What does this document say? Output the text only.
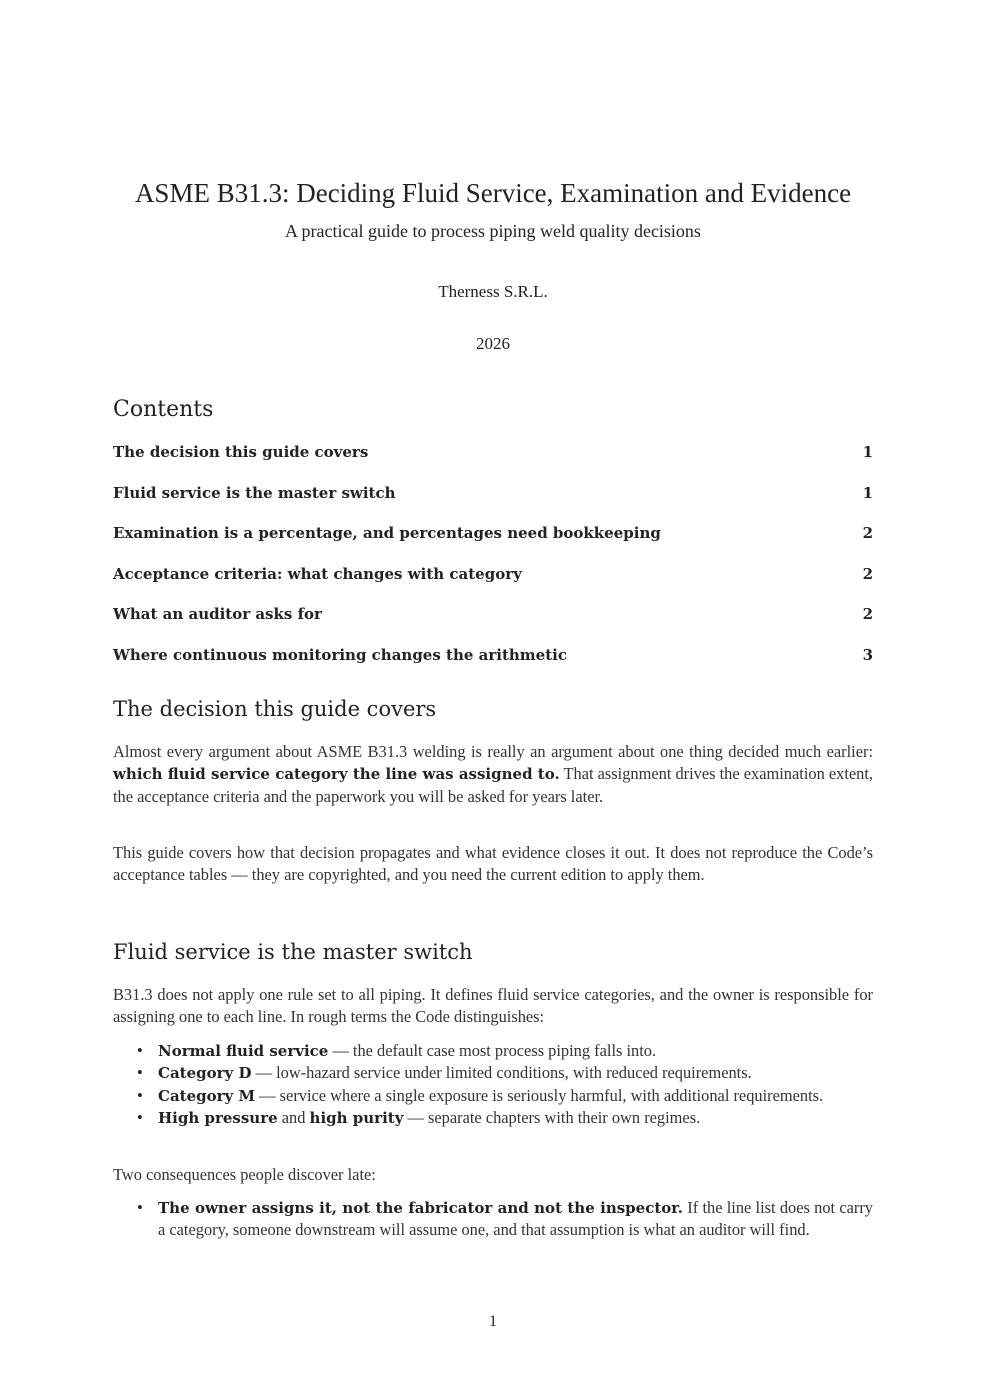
ASME B31.3: Deciding Fluid Service, Examination and Evidence
A practical guide to process piping weld quality decisions
Therness S.R.L.
2026
Contents
The decision this guide covers	1
Fluid service is the master switch	1
Examination is a percentage, and percentages need bookkeeping	2
Acceptance criteria: what changes with category	2
What an auditor asks for	2
Where continuous monitoring changes the arithmetic	3
The decision this guide covers

Almost every argument about ASME B31.3 welding is really an argument about one thing decided much earlier: which fluid service category the line was assigned to. That assignment drives the examination extent, the acceptance criteria and the paperwork you will be asked for years later.

This guide covers how that decision propagates and what evidence closes it out. It does not reproduce the Code’s acceptance tables — they are copyrighted, and you need the current edition to apply them.

Fluid service is the master switch

B31.3 does not apply one rule set to all piping. It defines fluid service categories, and the owner is responsible for assigning one to each line. In rough terms the Code distinguishes:

• Normal fluid service — the default case most process piping falls into.
• Category D — low-hazard service under limited conditions, with reduced requirements.
• Category M — service where a single exposure is seriously harmful, with additional requirements.
• High pressure and high purity — separate chapters with their own regimes.

Two consequences people discover late:

• The owner assigns it, not the fabricator and not the inspector. If the line list does not carry a category, someone downstream will assume one, and that assumption is what an auditor will find.
1
